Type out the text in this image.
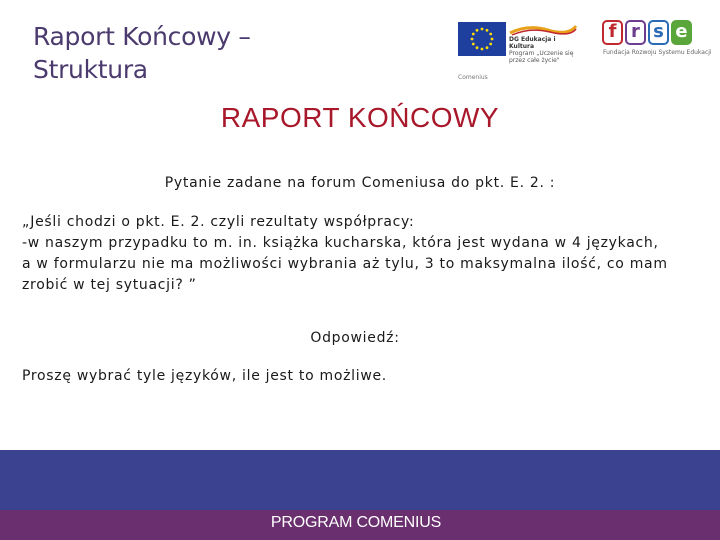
Raport Końcowy –
Struktura
DG Edukacja i Kultura
Program „Uczenie się przez całe życie"
Comenius
f r s e
Fundacja Rozwoju Systemu Edukacji
RAPORT KOŃCOWY
Pytanie zadane na forum Comeniusa do pkt. E. 2. :
„Jeśli chodzi o pkt. E. 2. czyli rezultaty współpracy:
-w naszym przypadku to m. in. książka kucharska, która jest wydana w 4 językach,
a w formularzu nie ma możliwości wybrania aż tylu, 3 to maksymalna ilość, co mam
zrobić w tej sytuacji? ”
Odpowiedź:
Proszę wybrać tyle języków, ile jest to możliwe.
PROGRAM COMENIUS
